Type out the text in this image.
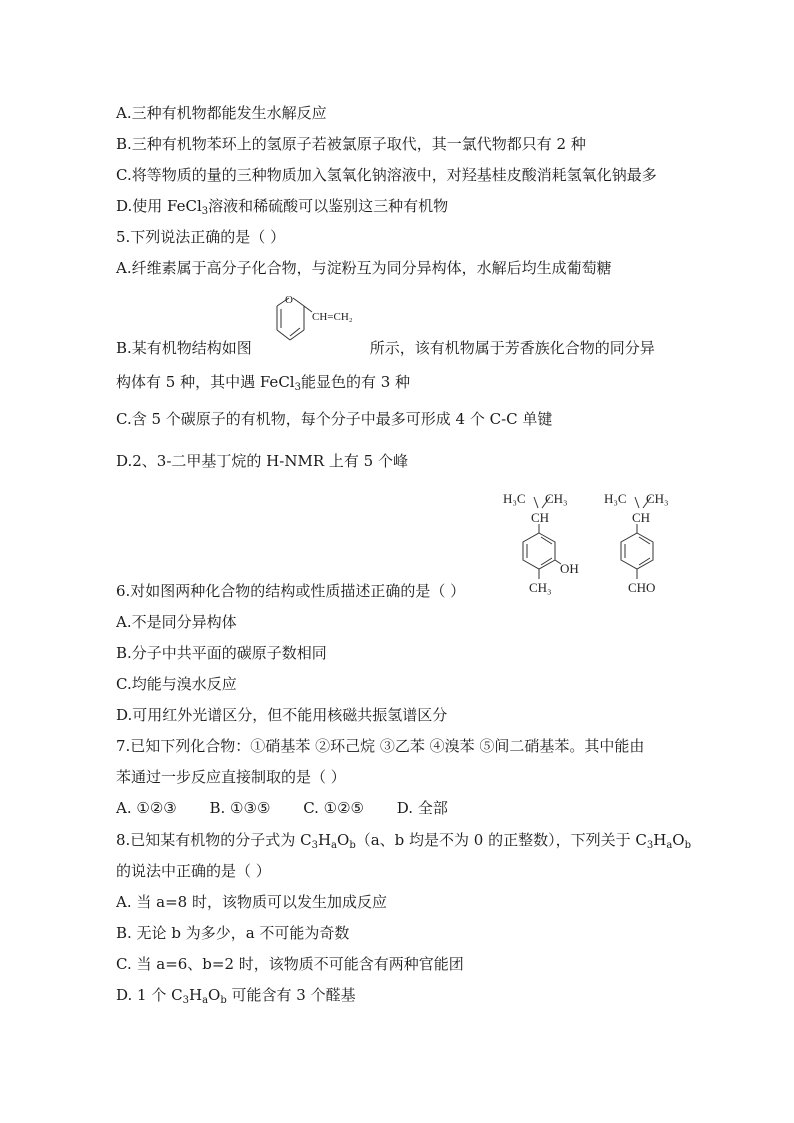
A.三种有机物都能发生水解反应
B.三种有机物苯环上的氢原子若被氯原子取代，其一氯代物都只有 2 种
C.将等物质的量的三种物质加入氢氧化钠溶液中，对羟基桂皮酸消耗氢氧化钠最多
D.使用 FeCl$_3$溶液和稀硫酸可以鉴别这三种有机物
5.下列说法正确的是（ ）
A.纤维素属于高分子化合物，与淀粉互为同分异构体，水解后均生成葡萄糖
O
CH=CH₂
B.某有机物结构如图	所示，该有机物属于芳香族化合物的同分异
构体有 5 种，其中遇 FeCl$_3$能显色的有 3 种
C.含 5 个碳原子的有机物，每个分子中最多可形成 4 个 C-C 单键
D.2、3-二甲基丁烷的 H-NMR 上有 5 个峰
H₃C CH₃
CH
OH
CH₃
H₃C CH₃
CH
CHO
6.对如图两种化合物的结构或性质描述正确的是（ ）
A.不是同分异构体
B.分子中共平面的碳原子数相同
C.均能与溴水反应
D.可用红外光谱区分，但不能用核磁共振氢谱区分
7.已知下列化合物：①硝基苯 ②环己烷 ③乙苯 ④溴苯 ⑤间二硝基苯。其中能由
苯通过一步反应直接制取的是（ ）
A. ①②③ B. ①③⑤ C. ①②⑤ D. 全部
8.已知某有机物的分子式为 $C_3H_aO_b(a$、b 均是不为 0 的正整数），下列关于 $C_3H_aO_b$
的说法中正确的是（ ）
A. 当 a=8 时，该物质可以发生加成反应
B. 无论 b 为多少，a 不可能为奇数
C. 当 a=6、b=2 时，该物质不可能含有两种官能团
D. 1 个 $C_3H_aO_b$ 可能含有 3 个醛基
